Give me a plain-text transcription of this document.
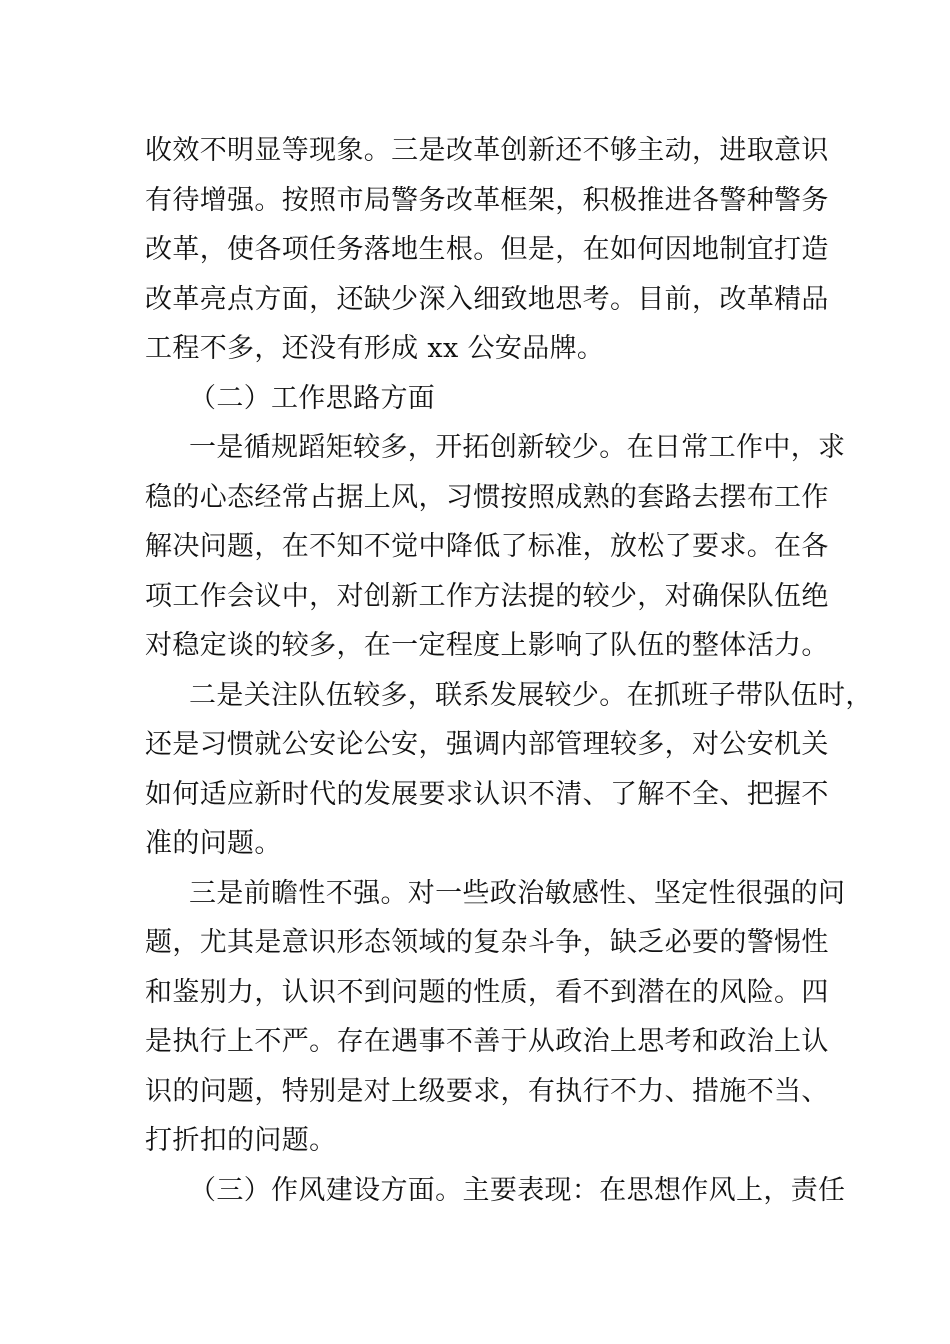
收效不明显等现象。三是改革创新还不够主动，进取意识
有待增强。按照市局警务改革框架，积极推进各警种警务
改革，使各项任务落地生根。但是，在如何因地制宜打造
改革亮点方面，还缺少深入细致地思考。目前，改革精品
工程不多，还没有形成 xx 公安品牌。
（二）工作思路方面
一是循规蹈矩较多，开拓创新较少。在日常工作中，求
稳的心态经常占据上风，习惯按照成熟的套路去摆布工作
解决问题，在不知不觉中降低了标准，放松了要求。在各
项工作会议中，对创新工作方法提的较少，对确保队伍绝
对稳定谈的较多，在一定程度上影响了队伍的整体活力。
二是关注队伍较多，联系发展较少。在抓班子带队伍时，
还是习惯就公安论公安，强调内部管理较多，对公安机关
如何适应新时代的发展要求认识不清、了解不全、把握不
准的问题。
三是前瞻性不强。对一些政治敏感性、坚定性很强的问
题，尤其是意识形态领域的复杂斗争，缺乏必要的警惕性
和鉴别力，认识不到问题的性质，看不到潜在的风险。四
是执行上不严。存在遇事不善于从政治上思考和政治上认
识的问题，特别是对上级要求，有执行不力、措施不当、
打折扣的问题。
（三）作风建设方面。主要表现：在思想作风上，责任
